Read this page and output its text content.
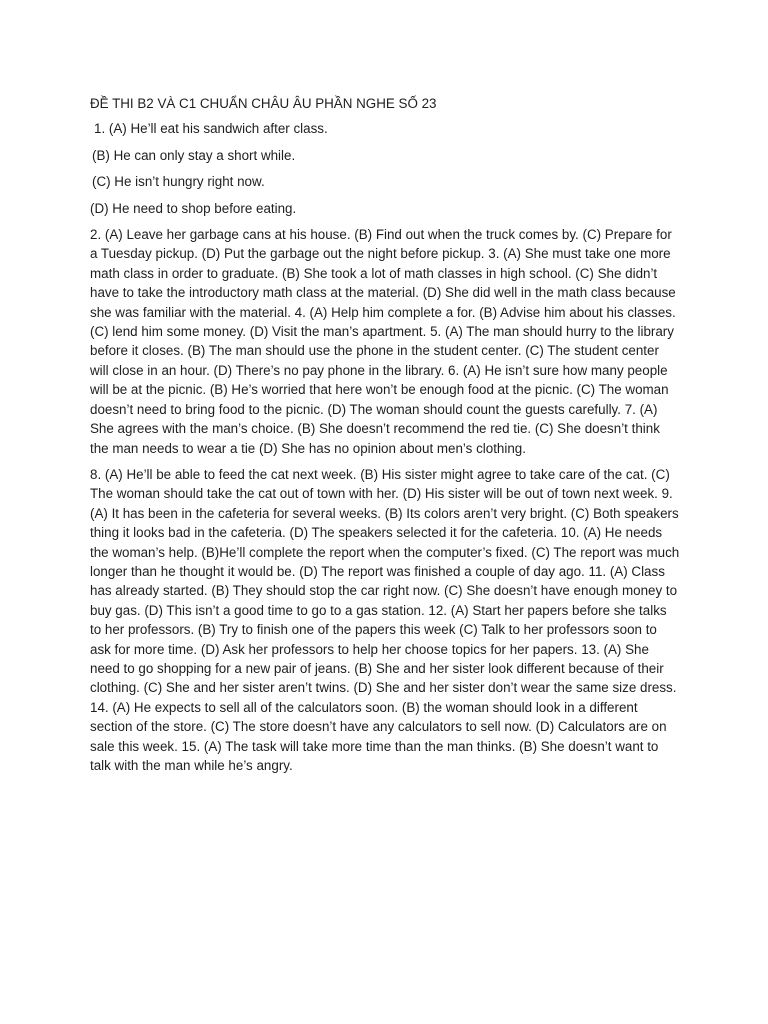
ĐỀ THI B2 VÀ C1 CHUẨN CHÂU ÂU PHẦN NGHE SỐ 23
1. (A) He’ll eat his sandwich after class.
(B) He can only stay a short while.
(C) He isn’t hungry right now.
(D) He need to shop before eating.
2. (A) Leave her garbage cans at his house. (B) Find out when the truck comes by. (C) Prepare for a Tuesday pickup. (D) Put the garbage out the night before pickup. 3. (A) She must take one more math class in order to graduate. (B) She took a lot of math classes in high school. (C) She didn’t have to take the introductory math class at the material. (D) She did well in the math class because she was familiar with the material. 4. (A) Help him complete a for. (B) Advise him about his classes. (C) lend him some money. (D) Visit the man’s apartment. 5. (A) The man should hurry to the library before it closes. (B) The man should use the phone in the student center. (C) The student center will close in an hour. (D) There’s no pay phone in the library. 6. (A) He isn’t sure how many people will be at the picnic. (B) He’s worried that here won’t be enough food at the picnic. (C) The woman doesn’t need to bring food to the picnic. (D) The woman should count the guests carefully. 7. (A) She agrees with the man’s choice. (B) She doesn’t recommend the red tie. (C) She doesn’t think the man needs to wear a tie (D) She has no opinion about men’s clothing.
8. (A) He’ll be able to feed the cat next week. (B) His sister might agree to take care of the cat. (C) The woman should take the cat out of town with her. (D) His sister will be out of town next week. 9. (A) It has been in the cafeteria for several weeks. (B) Its colors aren’t very bright. (C) Both speakers thing it looks bad in the cafeteria. (D) The speakers selected it for the cafeteria. 10. (A) He needs the woman’s help. (B)He’ll complete the report when the computer’s fixed. (C) The report was much longer than he thought it would be. (D) The report was finished a couple of day ago. 11. (A) Class has already started. (B) They should stop the car right now. (C) She doesn’t have enough money to buy gas. (D) This isn’t a good time to go to a gas station. 12. (A) Start her papers before she talks to her professors. (B) Try to finish one of the papers this week (C) Talk to her professors soon to ask for more time. (D) Ask her professors to help her choose topics for her papers. 13. (A) She need to go shopping for a new pair of jeans. (B) She and her sister look different because of their clothing. (C) She and her sister aren’t twins. (D) She and her sister don’t wear the same size dress. 14. (A) He expects to sell all of the calculators soon. (B) the woman should look in a different section of the store. (C) The store doesn’t have any calculators to sell now. (D) Calculators are on sale this week. 15. (A) The task will take more time than the man thinks. (B) She doesn’t want to talk with the man while he’s angry.
